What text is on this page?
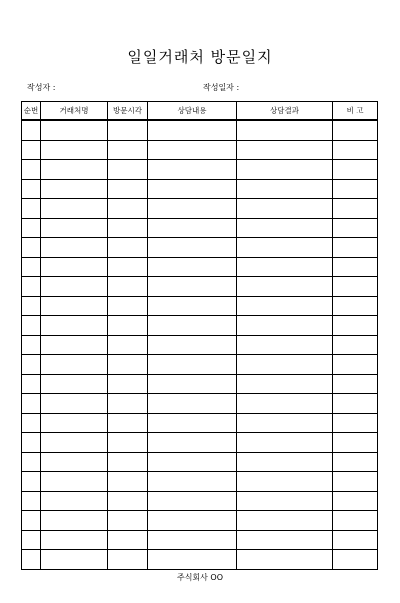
일일거래처 방문일지
작성자 :	작성일자 :
순번	거래처명	방문시각	상담내용	상담결과	비 고

주식회사 OO
